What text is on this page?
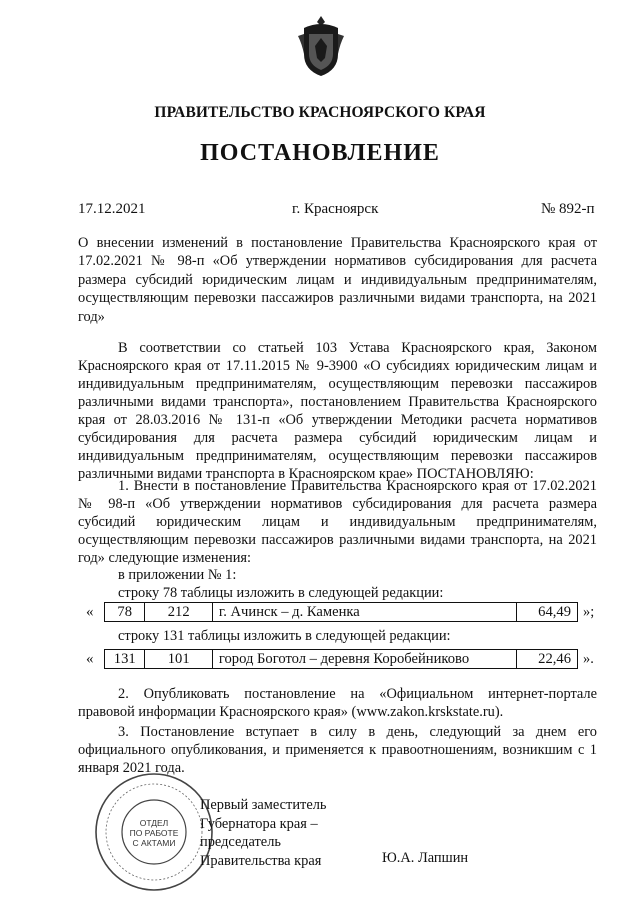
ПРАВИТЕЛЬСТВО КРАСНОЯРСКОГО КРАЯ
ПОСТАНОВЛЕНИЕ
17.12.2021	г. Красноярск	№ 892-п
О внесении изменений в постановление Правительства Красноярского края от 17.02.2021 № 98-п «Об утверждении нормативов субсидирования для расчета размера субсидий юридическим лицам и индивидуальным предпринимателям, осуществляющим перевозки пассажиров различными видами транспорта, на 2021 год»
В соответствии со статьей 103 Устава Красноярского края, Законом Красноярского края от 17.11.2015 № 9-3900 «О субсидиях юридическим лицам и индивидуальным предпринимателям, осуществляющим перевозки пассажиров различными видами транспорта», постановлением Правительства Красноярского края от 28.03.2016 № 131-п «Об утверждении Методики расчета нормативов субсидирования для расчета размера субсидий юридическим лицам и индивидуальным предпринимателям, осуществляющим перевозки пассажиров различными видами транспорта в Красноярском крае» ПОСТАНОВЛЯЮ:
1. Внести в постановление Правительства Красноярского края от 17.02.2021 № 98-п «Об утверждении нормативов субсидирования для расчета размера субсидий юридическим лицам и индивидуальным предпринимателям, осуществляющим перевозки пассажиров различными видами транспорта, на 2021 год» следующие изменения:
в приложении № 1:
строку 78 таблицы изложить в следующей редакции:
« 78	212	г. Ачинск – д. Каменка	64,49 »;
строку 131 таблицы изложить в следующей редакции:
« 131	101	город Боготол – деревня Коробейниково	22,46 ».
2. Опубликовать постановление на «Официальном интернет-портале правовой информации Красноярского края» (www.zakon.krskstate.ru).
3. Постановление вступает в силу в день, следующий за днем его официального опубликования, и применяется к правоотношениям, возникшим с 1 января 2021 года.
ОТДЕЛ
ПО РАБОТЕ
С АКТАМИ
Первый заместитель
Губернатора края –
председатель
Правительства края	Ю.А. Лапшин
